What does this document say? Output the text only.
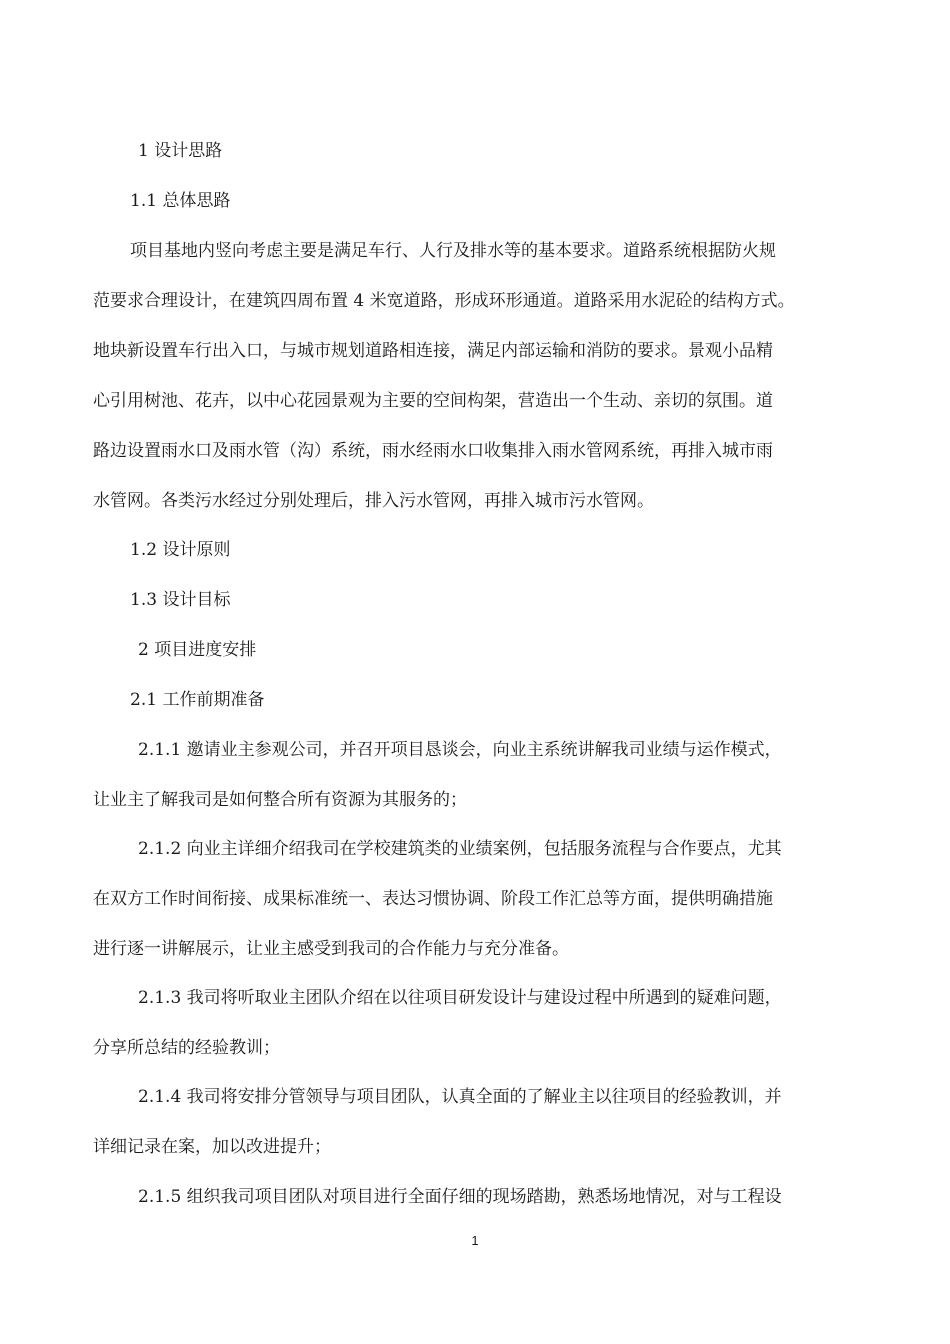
1 设计思路

1.1 总体思路

项目基地内竖向考虑主要是满足车行、人行及排水等的基本要求。道路系统根据防火规

范要求合理设计，在建筑四周布置 4 米宽道路，形成环形通道。道路采用水泥砼的结构方式。

地块新设置车行出入口，与城市规划道路相连接，满足内部运输和消防的要求。景观小品精

心引用树池、花卉，以中心花园景观为主要的空间构架，营造出一个生动、亲切的氛围。道

路边设置雨水口及雨水管（沟）系统，雨水经雨水口收集排入雨水管网系统，再排入城市雨

水管网。各类污水经过分别处理后，排入污水管网，再排入城市污水管网。

1.2 设计原则

1.3 设计目标

2 项目进度安排

2.1 工作前期准备

2.1.1 邀请业主参观公司，并召开项目恳谈会，向业主系统讲解我司业绩与运作模式，

让业主了解我司是如何整合所有资源为其服务的；

2.1.2 向业主详细介绍我司在学校建筑类的业绩案例，包括服务流程与合作要点，尤其

在双方工作时间衔接、成果标准统一、表达习惯协调、阶段工作汇总等方面，提供明确措施

进行逐一讲解展示，让业主感受到我司的合作能力与充分准备。

2.1.3 我司将听取业主团队介绍在以往项目研发设计与建设过程中所遇到的疑难问题，

分享所总结的经验教训；

2.1.4 我司将安排分管领导与项目团队，认真全面的了解业主以往项目的经验教训，并

详细记录在案，加以改进提升；

2.1.5 组织我司项目团队对项目进行全面仔细的现场踏勘，熟悉场地情况，对与工程设

1
